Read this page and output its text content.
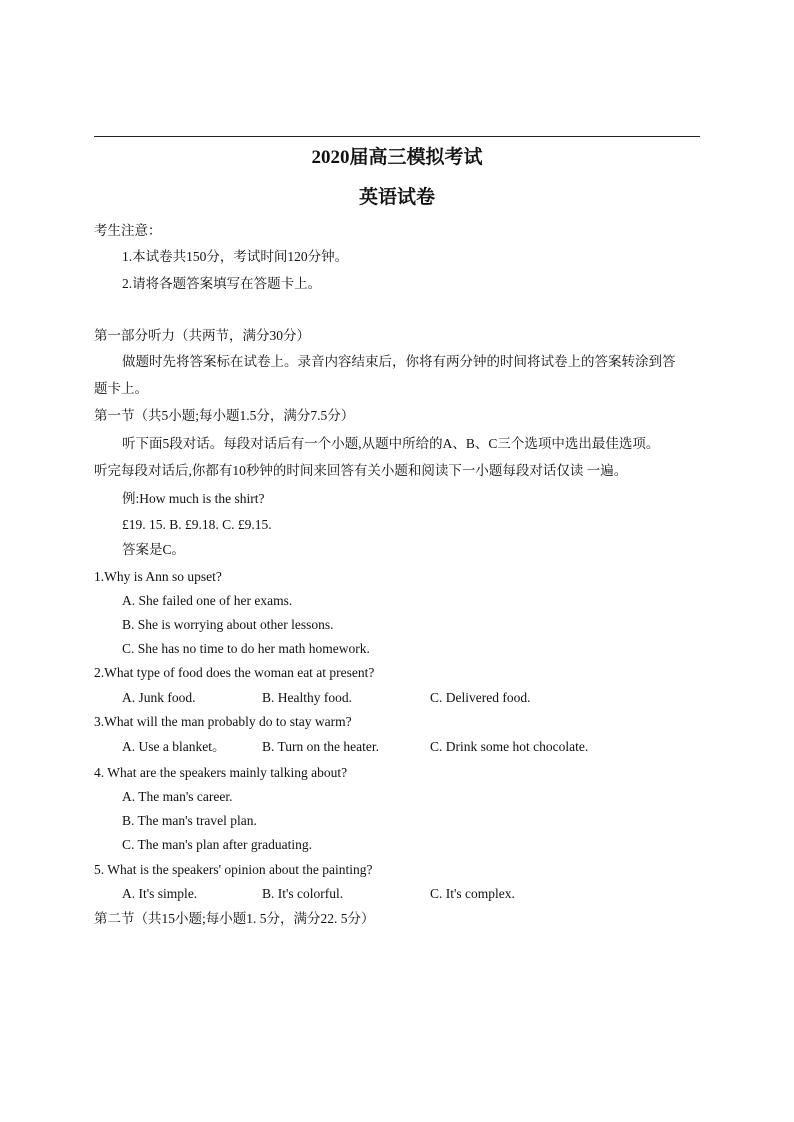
2020届高三模拟考试
英语试卷
考生注意：
1.本试卷共150分，考试时间120分钟。
2.请将各题答案填写在答题卡上。
第一部分听力（共两节，满分30分）
做题时先将答案标在试卷上。录音内容结束后，你将有两分钟的时间将试卷上的答案转涂到答
题卡上。
第一节（共5小题;每小题1.5分，满分7.5分）
听下面5段对话。每段对话后有一个小题,从题中所给的A、B、C三个选项中选出最佳选项。
听完每段对话后,你都有10秒钟的时间来回答有关小题和阅读下一小题每段对话仅读 一遍。
例:How much is the shirt?
£19. 15. B. £9.18. C. £9.15.
答案是C。
1.Why is Ann so upset?
A. She failed one of her exams.
B. She is worrying about other lessons.
C. She has no time to do her math homework.
2.What type of food does the woman eat at present?
A. Junk food.	B. Healthy food.	C. Delivered food.
3.What will the man probably do to stay warm?
A. Use a blanket。	B. Turn on the heater.	C. Drink some hot chocolate.
4. What are the speakers mainly talking about?
A. The man's career.
B. The man's travel plan.
C. The man's plan after graduating.
5. What is the speakers' opinion about the painting?
A. It's simple.	B. It's colorful.	C. It's complex.
第二节（共15小题;每小题1. 5分，满分22. 5分）
